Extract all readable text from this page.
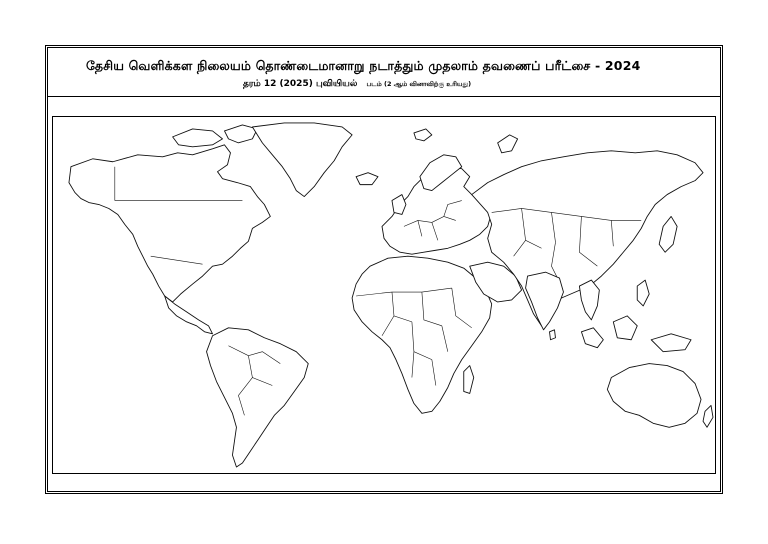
தேசிய வெளிக்கள நிலையம் தொண்டைமானாறு நடாத்தும் முதலாம் தவணைப் பரீட்சை - 2024
தரம் 12 (2025) புவியியல் படம் (2 ஆம் வினாவிற்கு உரியது)
